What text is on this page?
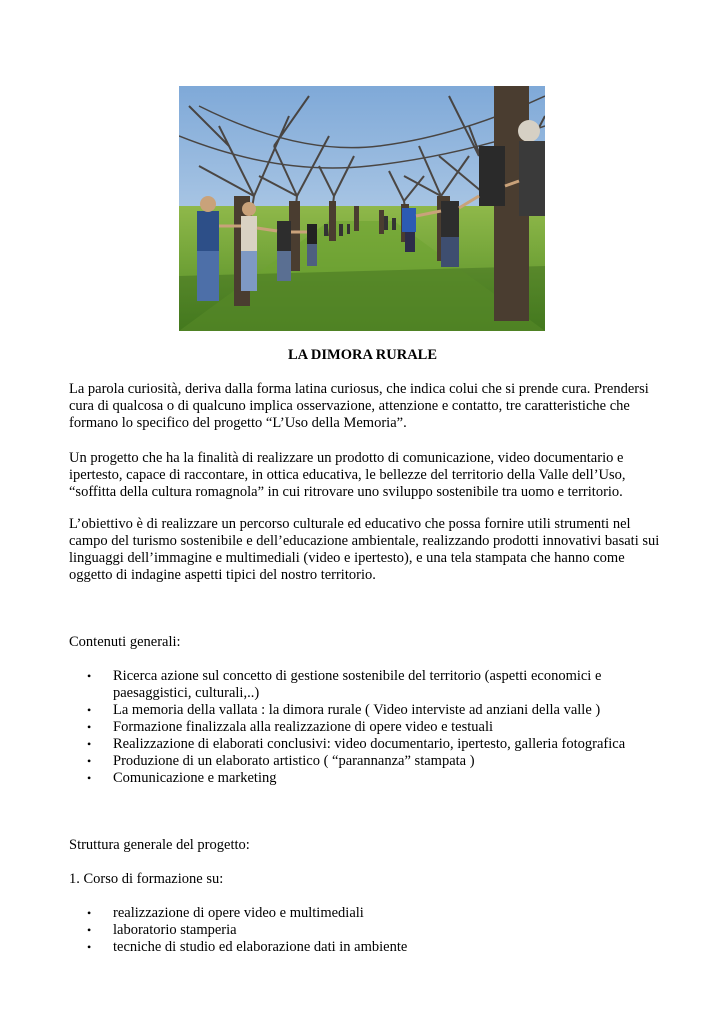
LA DIMORA RURALE

La parola curiosità, deriva dalla forma latina curiosus, che indica colui che si prende cura. Prendersi cura di qualcosa o di qualcuno implica osservazione, attenzione e contatto, tre caratteristiche che formano lo specifico del progetto “L’Uso della Memoria”.

Un progetto che ha la finalità di realizzare un prodotto di comunicazione, video documentario e ipertesto, capace di raccontare, in ottica educativa, le bellezze del territorio della Valle dell’Uso, “soffitta della cultura romagnola” in cui ritrovare uno sviluppo sostenibile tra uomo e territorio.

L’obiettivo è di realizzare un percorso culturale ed educativo che possa fornire utili strumenti nel campo del turismo sostenibile e dell’educazione ambientale, realizzando prodotti innovativi basati sui linguaggi dell’immagine e multimediali (video e ipertesto), e una tela stampata che hanno come oggetto di indagine aspetti tipici del nostro territorio.

Contenuti generali:

• Ricerca azione sul concetto di gestione sostenibile del territorio (aspetti economici e paesaggistici, culturali,..)
• La memoria della vallata : la dimora rurale ( Video interviste ad anziani della valle )
• Formazione finalizzala alla realizzazione di opere video e testuali
• Realizzazione di elaborati conclusivi: video documentario, ipertesto, galleria fotografica
• Produzione di un elaborato artistico ( “parannanza” stampata )
• Comunicazione e marketing

Struttura generale del progetto:

1. Corso di formazione su:

• realizzazione di opere video e multimediali
• laboratorio stamperia
• tecniche di studio ed elaborazione dati in ambiente
